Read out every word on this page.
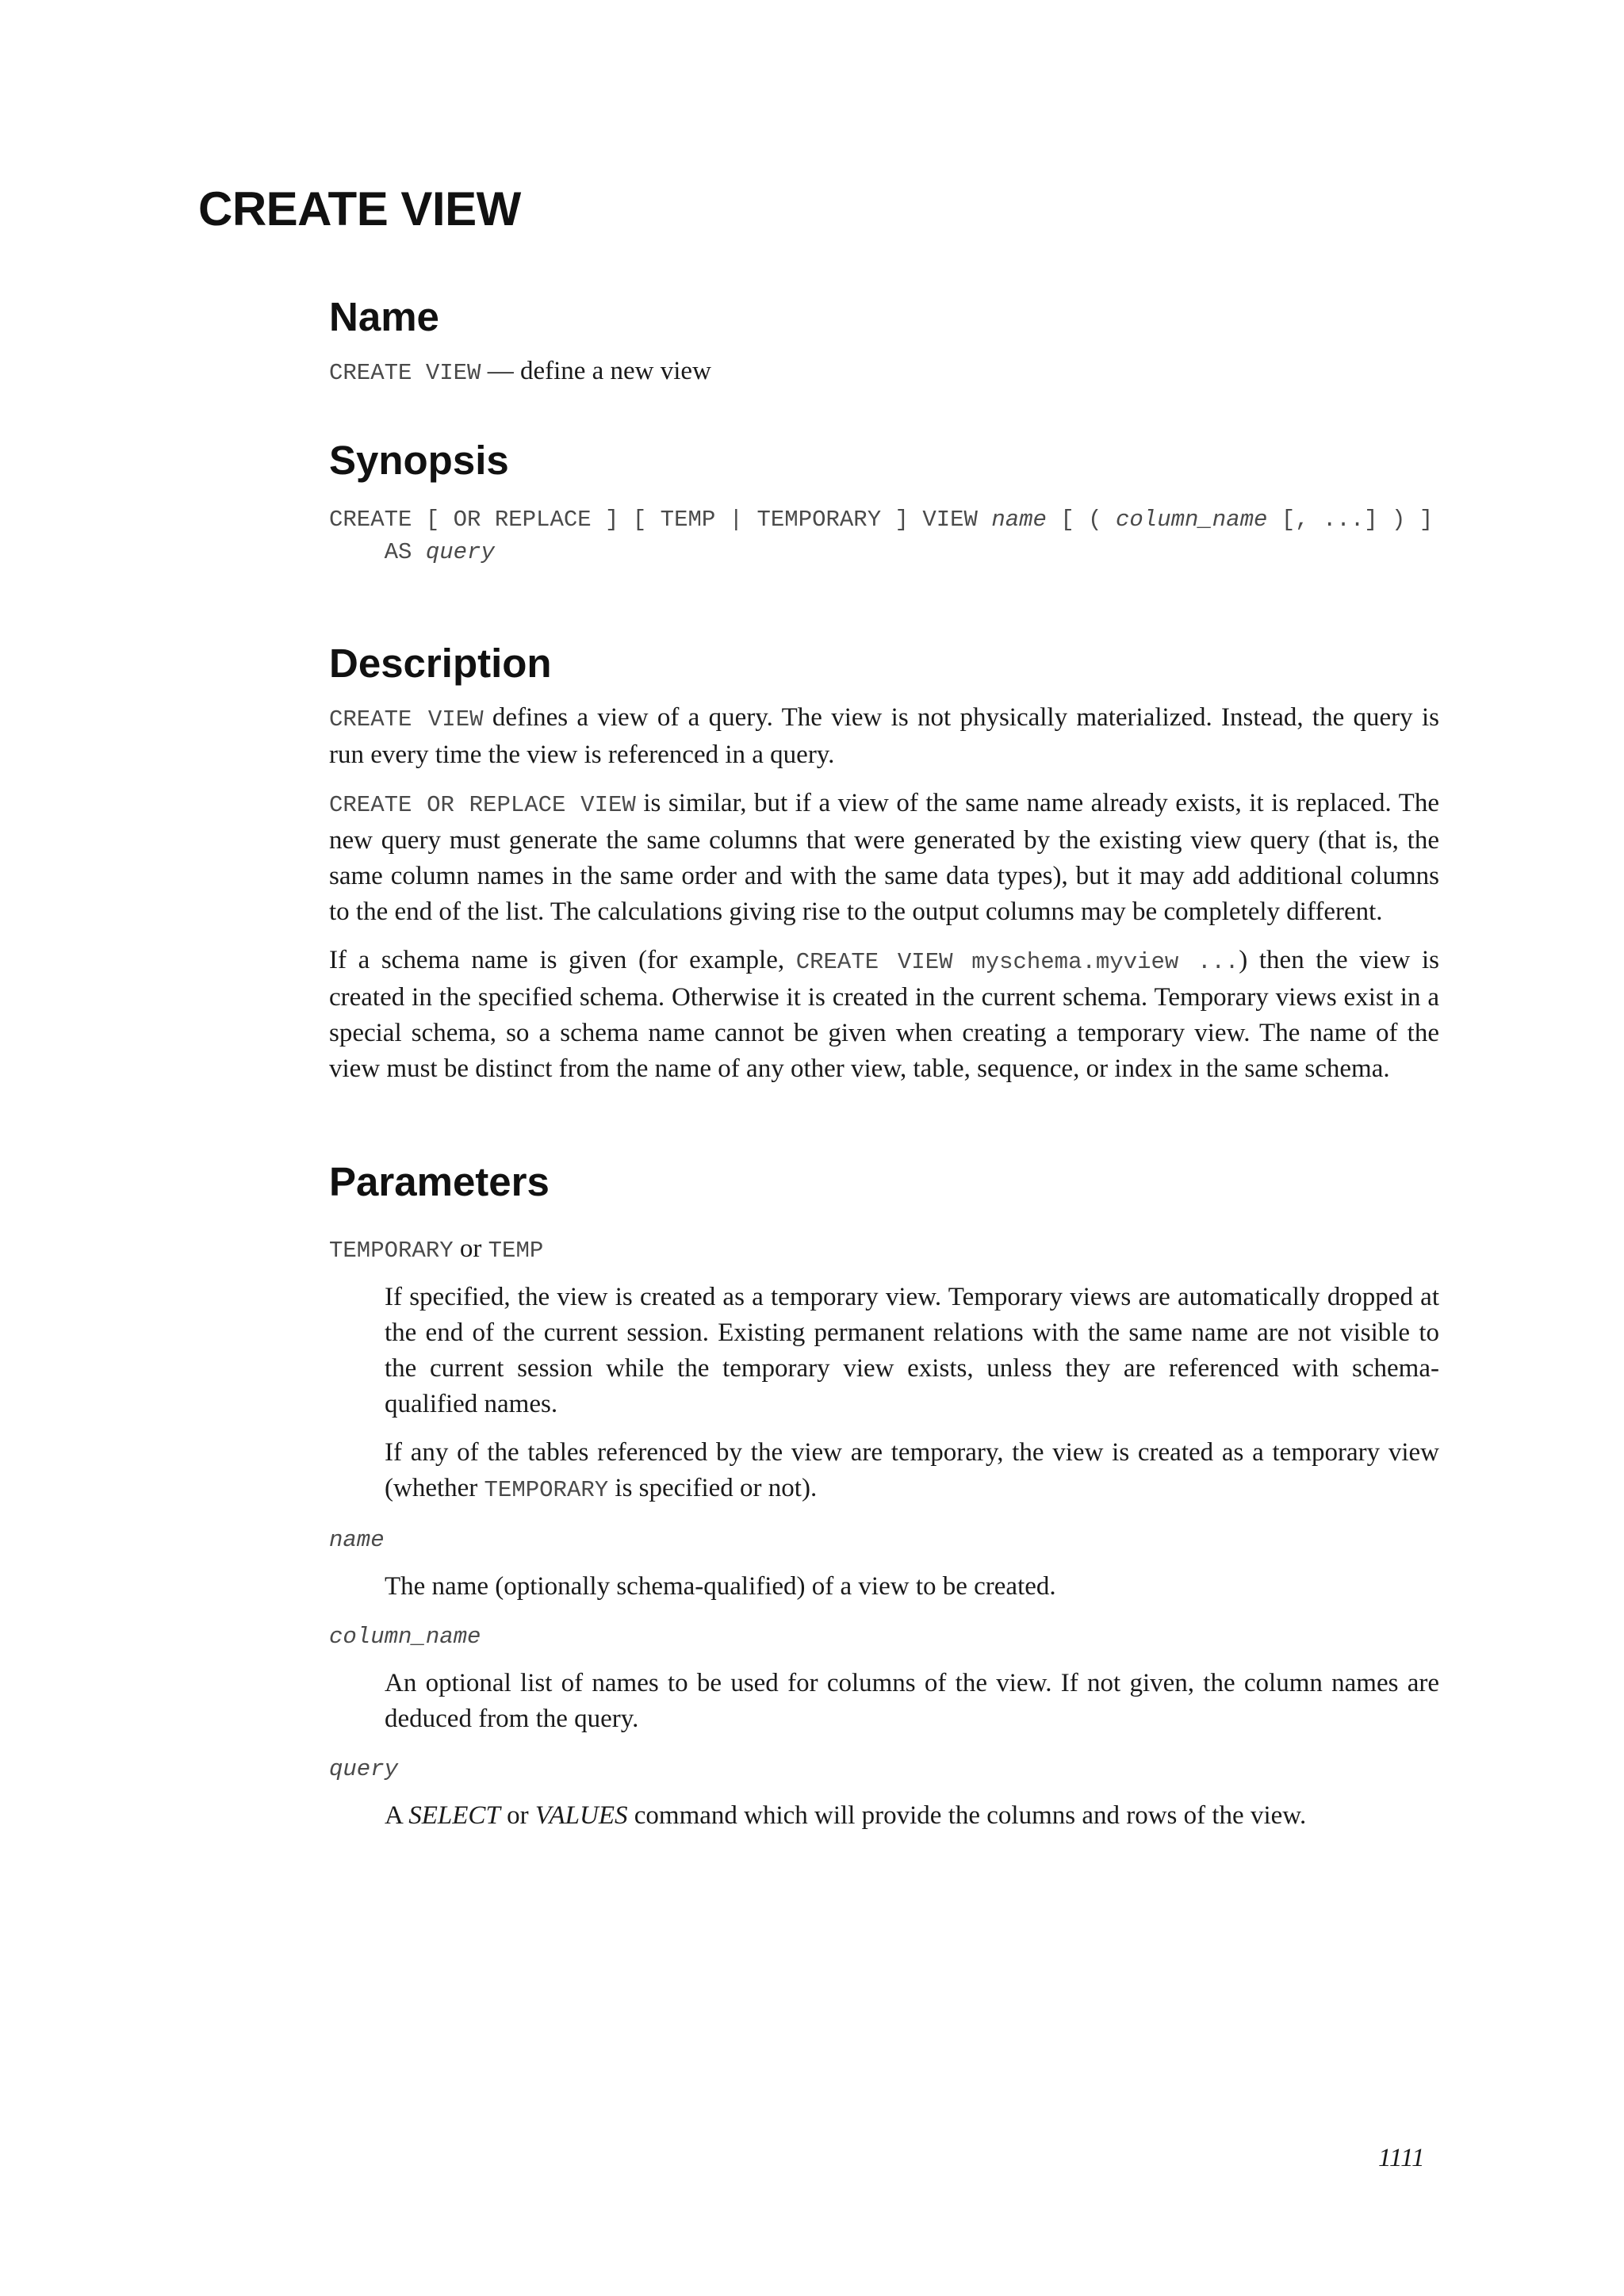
CREATE VIEW
Name

CREATE VIEW — define a new view

Synopsis
CREATE [ OR REPLACE ] [ TEMP | TEMPORARY ] VIEW name [ ( column_name [, ...] ) ]
AS query
Description

CREATE VIEW defines a view of a query. The view is not physically materialized. Instead, the query is run every time the view is referenced in a query.

CREATE OR REPLACE VIEW is similar, but if a view of the same name already exists, it is replaced. The new query must generate the same columns that were generated by the existing view query (that is, the same column names in the same order and with the same data types), but it may add additional columns to the end of the list. The calculations giving rise to the output columns may be completely different.

If a schema name is given (for example, CREATE VIEW myschema.myview ...) then the view is created in the specified schema. Otherwise it is created in the current schema. Temporary views exist in a special schema, so a schema name cannot be given when creating a temporary view. The name of the view must be distinct from the name of any other view, table, sequence, or index in the same schema.

Parameters

TEMPORARY or TEMP

If specified, the view is created as a temporary view. Temporary views are automatically dropped at the end of the current session. Existing permanent relations with the same name are not visible to the current session while the temporary view exists, unless they are referenced with schema-qualified names.

If any of the tables referenced by the view are temporary, the view is created as a temporary view (whether TEMPORARY is specified or not).

name

The name (optionally schema-qualified) of a view to be created.

column_name

An optional list of names to be used for columns of the view. If not given, the column names are deduced from the query.

query

A SELECT or VALUES command which will provide the columns and rows of the view.

1111
